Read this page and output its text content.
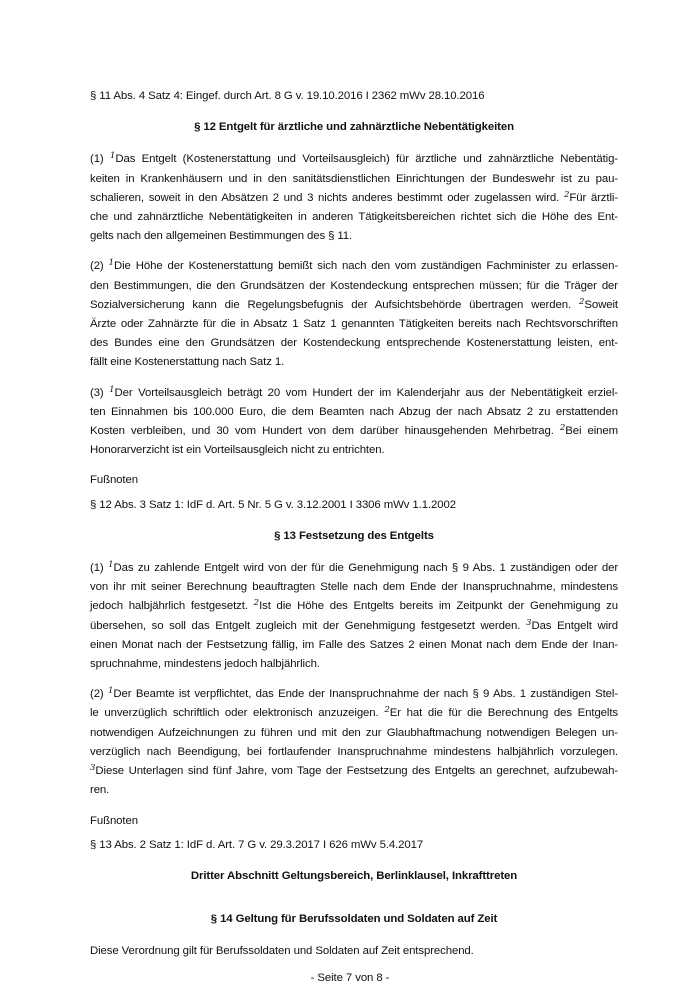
§ 11 Abs. 4 Satz 4: Eingef. durch Art. 8 G v. 19.10.2016 I 2362 mWv 28.10.2016
§ 12 Entgelt für ärztliche und zahnärztliche Nebentätigkeiten
(1) $^1$Das Entgelt (Kostenerstattung und Vorteilsausgleich) für ärztliche und zahnärztliche Nebentätig-
keiten in Krankenhäusern und in den sanitätsdienstlichen Einrichtungen der Bundeswehr ist zu pau-
schalieren, soweit in den Absätzen 2 und 3 nichts anderes bestimmt oder zugelassen wird. $^2$Für ärztli-
che und zahnärztliche Nebentätigkeiten in anderen Tätigkeitsbereichen richtet sich die Höhe des Ent-
gelts nach den allgemeinen Bestimmungen des § 11.
(2) $^1$Die Höhe der Kostenerstattung bemißt sich nach den vom zuständigen Fachminister zu erlassen-
den Bestimmungen, die den Grundsätzen der Kostendeckung entsprechen müssen; für die Träger der
Sozialversicherung kann die Regelungsbefugnis der Aufsichtsbehörde übertragen werden. $^2$Soweit
Ärzte oder Zahnärzte für die in Absatz 1 Satz 1 genannten Tätigkeiten bereits nach Rechtsvorschriften
des Bundes eine den Grundsätzen der Kostendeckung entsprechende Kostenerstattung leisten, ent-
fällt eine Kostenerstattung nach Satz 1.
(3) $^1$Der Vorteilsausgleich beträgt 20 vom Hundert der im Kalenderjahr aus der Nebentätigkeit erziel-
ten Einnahmen bis 100.000 Euro, die dem Beamten nach Abzug der nach Absatz 2 zu erstattenden
Kosten verbleiben, und 30 vom Hundert von dem darüber hinausgehenden Mehrbetrag. $^2$Bei einem
Honorarverzicht ist ein Vorteilsausgleich nicht zu entrichten.
Fußnoten
§ 12 Abs. 3 Satz 1: IdF d. Art. 5 Nr. 5 G v. 3.12.2001 I 3306 mWv 1.1.2002
§ 13 Festsetzung des Entgelts
(1) $^1$Das zu zahlende Entgelt wird von der für die Genehmigung nach § 9 Abs. 1 zuständigen oder der
von ihr mit seiner Berechnung beauftragten Stelle nach dem Ende der Inanspruchnahme, mindestens
jedoch halbjährlich festgesetzt. $^2$Ist die Höhe des Entgelts bereits im Zeitpunkt der Genehmigung zu
übersehen, so soll das Entgelt zugleich mit der Genehmigung festgesetzt werden. $^3$Das Entgelt wird
einen Monat nach der Festsetzung fällig, im Falle des Satzes 2 einen Monat nach dem Ende der Inan-
spruchnahme, mindestens jedoch halbjährlich.
(2) $^1$Der Beamte ist verpflichtet, das Ende der Inanspruchnahme der nach § 9 Abs. 1 zuständigen Stel-
le unverzüglich schriftlich oder elektronisch anzuzeigen. $^2$Er hat die für die Berechnung des Entgelts
notwendigen Aufzeichnungen zu führen und mit den zur Glaubhaftmachung notwendigen Belegen un-
verzüglich nach Beendigung, bei fortlaufender Inanspruchnahme mindestens halbjährlich vorzulegen.
$^3$Diese Unterlagen sind fünf Jahre, vom Tage der Festsetzung des Entgelts an gerechnet, aufzubewah-
ren.
Fußnoten
§ 13 Abs. 2 Satz 1: IdF d. Art. 7 G v. 29.3.2017 I 626 mWv 5.4.2017
Dritter Abschnitt Geltungsbereich, Berlinklausel, Inkrafttreten
§ 14 Geltung für Berufssoldaten und Soldaten auf Zeit
Diese Verordnung gilt für Berufssoldaten und Soldaten auf Zeit entsprechend.
- Seite 7 von 8 -
